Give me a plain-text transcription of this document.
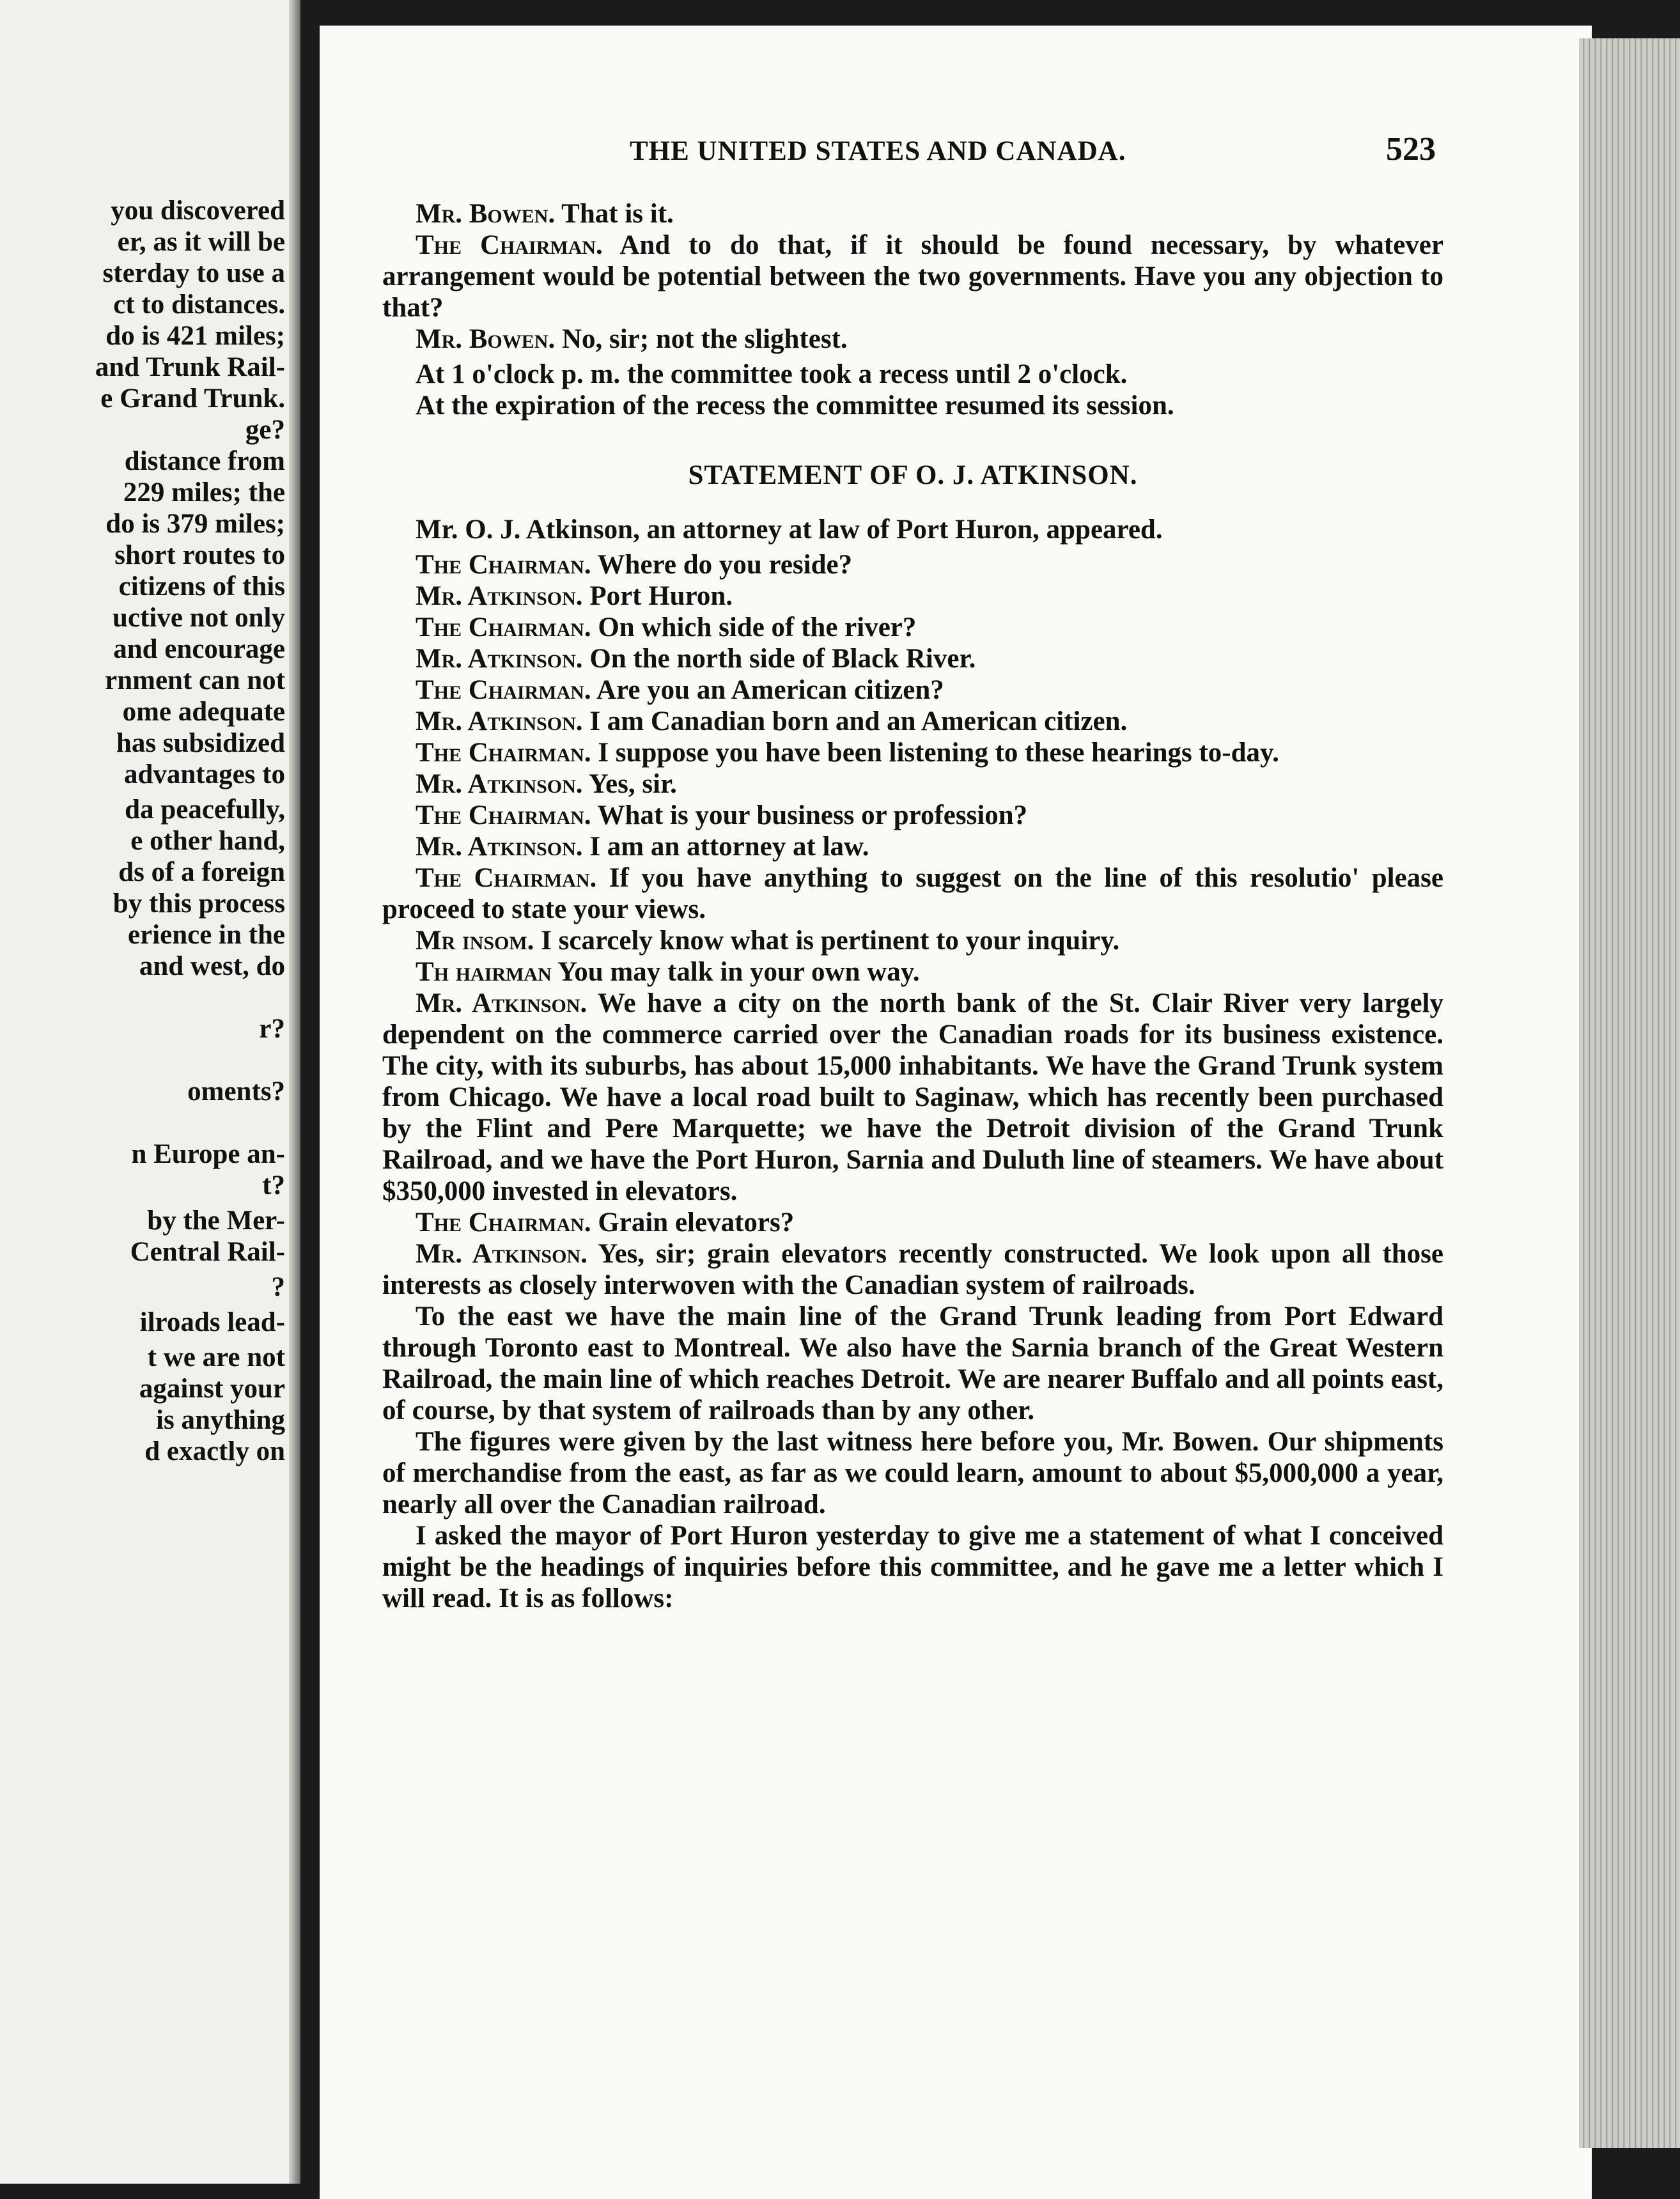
you discovered
er, as it will be
sterday to use a
ct to distances.
do is 421 miles;
and Trunk Rail-
e Grand Trunk.
ge?
distance from
229 miles; the
do is 379 miles;
short routes to
citizens of this
uctive not only
and encourage
rnment can not
ome adequate
has subsidized
advantages to
da peacefully,
e other hand,
ds of a foreign
by this process
erience in the
and west, do
r?
oments?
n Europe an-
t?
by the Mer-
Central Rail-
?
ilroads lead-
t we are not
against your
is anything
d exactly on
THE UNITED STATES AND CANADA.	523

Mr. Bowen. That is it.

The Chairman. And to do that, if it should be found necessary, by whatever arrangement would be potential between the two governments. Have you any objection to that?

Mr. Bowen. No, sir; not the slightest.

At 1 o'clock p. m. the committee took a recess until 2 o'clock.

At the expiration of the recess the committee resumed its session.

STATEMENT OF O. J. ATKINSON.

Mr. O. J. Atkinson, an attorney at law of Port Huron, appeared.

The Chairman. Where do you reside?

Mr. Atkinson. Port Huron.

The Chairman. On which side of the river?

Mr. Atkinson. On the north side of Black River.

The Chairman. Are you an American citizen?

Mr. Atkinson. I am Canadian born and an American citizen.

The Chairman. I suppose you have been listening to these hearings to-day.

Mr. Atkinson. Yes, sir.

The Chairman. What is your business or profession?

Mr. Atkinson. I am an attorney at law.

The Chairman. If you have anything to suggest on the line of this resolutio' please proceed to state your views.

Mr insom. I scarcely know what is pertinent to your inquiry.

Th hairman You may talk in your own way.

Mr. Atkinson. We have a city on the north bank of the St. Clair River very largely dependent on the commerce carried over the Canadian roads for its business existence. The city, with its suburbs, has about 15,000 inhabitants. We have the Grand Trunk system from Chicago. We have a local road built to Saginaw, which has recently been purchased by the Flint and Pere Marquette; we have the Detroit division of the Grand Trunk Railroad, and we have the Port Huron, Sarnia and Duluth line of steamers. We have about $350,000 invested in elevators.

The Chairman. Grain elevators?

Mr. Atkinson. Yes, sir; grain elevators recently constructed. We look upon all those interests as closely interwoven with the Canadian system of railroads.

To the east we have the main line of the Grand Trunk leading from Port Edward through Toronto east to Montreal. We also have the Sarnia branch of the Great Western Railroad, the main line of which reaches Detroit. We are nearer Buffalo and all points east, of course, by that system of railroads than by any other.

The figures were given by the last witness here before you, Mr. Bowen. Our shipments of merchandise from the east, as far as we could learn, amount to about $5,000,000 a year, nearly all over the Canadian railroad.

I asked the mayor of Port Huron yesterday to give me a statement of what I conceived might be the headings of inquiries before this committee, and he gave me a letter which I will read. It is as follows:
